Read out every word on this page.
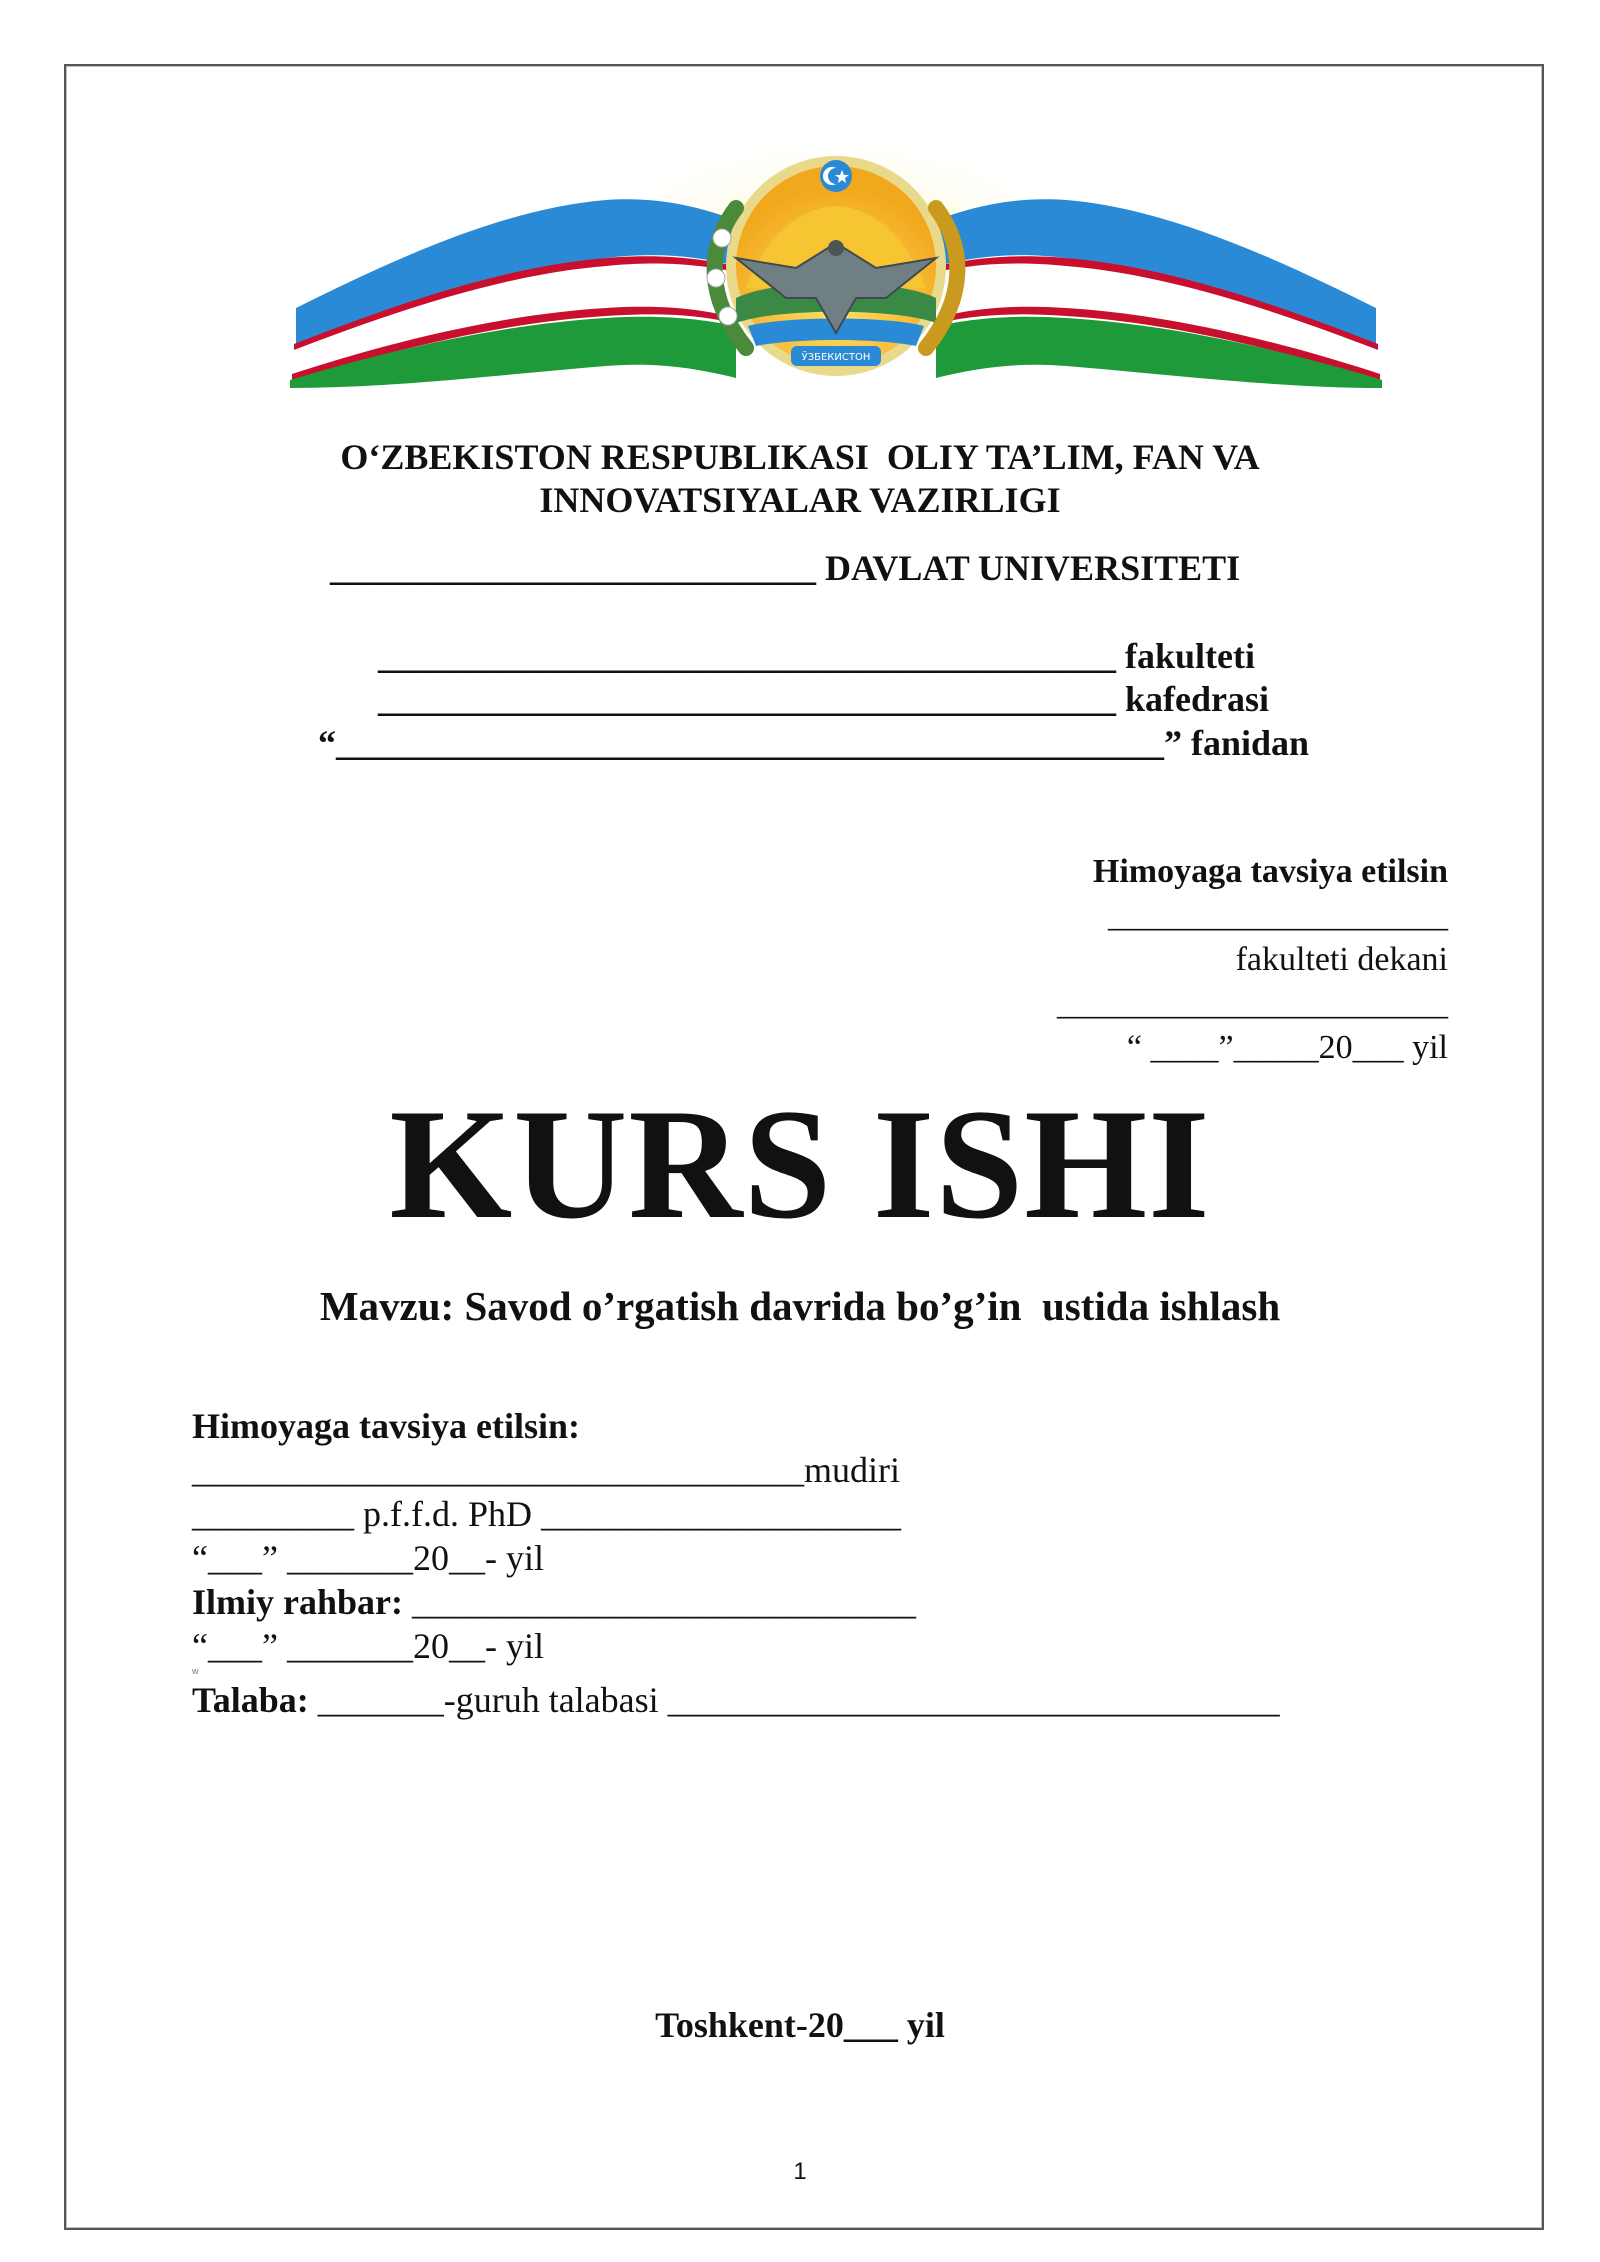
ЎЗБЕКИСТОН
O‘ZBEKISTON RESPUBLIKASI  OLIY TA’LIM, FAN VA
INNOVATSIYALAR VAZIRLIGI
___________________________ DAVLAT UNIVERSITETI
_________________________________________ fakulteti
_________________________________________ kafedrasi
“______________________________________________” fanidan
Himoyaga tavsiya etilsin
____________________
fakulteti dekani
_______________________
“ ____”_____20___ yil
KURS ISHI
Mavzu: Savod o’rgatish davrida bo’g’in  ustida ishlash
Himoyaga tavsiya etilsin:
__________________________________mudiri
_________ p.f.f.d. PhD ____________________
“___” _______20__- yil
Ilmiy rahbar: ____________________________
“___” _______20__- yil
w
Talaba: _______-guruh talabasi __________________________________
Toshkent-20___ yil
1
